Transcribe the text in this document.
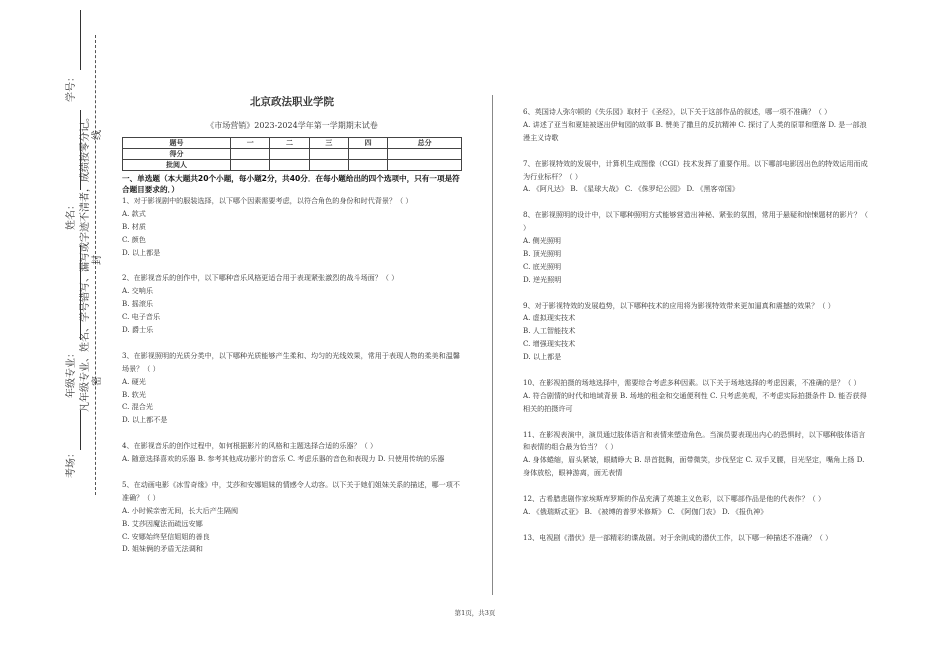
学号：
姓名：
年级专业：
考场：
凡年级专业、姓名、学号错写、漏写或字迹不清者，成绩按零分记。 密
封
线
北京政法职业学院
《市场营销》2023-2024学年第一学期期末试卷
题号	一	二	三	四	总分
得分					
批阅人					
一、单选题（本大题共20个小题，每小题2分，共40分．在每小题给出的四个选项中，只有一项是符合题目要求的．）
1、对于影视剧中的服装选择，以下哪个因素需要考虑，以符合角色的身份和时代背景？（ ）
A. 款式
B. 材质
C. 颜色
D. 以上都是
2、在影视音乐的创作中，以下哪种音乐风格更适合用于表现紧张激烈的战斗场面？（ ）
A. 交响乐
B. 摇滚乐
C. 电子音乐
D. 爵士乐
3、在影视照明的光质分类中，以下哪种光质能够产生柔和、均匀的光线效果，常用于表现人物的柔美和温馨场景？（ ）
A. 硬光
B. 软光
C. 混合光
D. 以上都不是
4、在影视音乐的创作过程中，如何根据影片的风格和主题选择合适的乐器？（ ）
A. 随意选择喜欢的乐器 B. 参考其他成功影片的音乐 C. 考虑乐器的音色和表现力 D. 只使用传统的乐器
5、在动画电影《冰雪奇缘》中，艾莎和安娜姐妹的情感令人动容。以下关于她们姐妹关系的描述，哪一项不准确？（ ）
A. 小时候亲密无间，长大后产生隔阂
B. 艾莎因魔法而疏远安娜
C. 安娜始终坚信姐姐的善良
D. 姐妹俩的矛盾无法调和
6、英国诗人弥尔顿的《失乐园》取材于《圣经》，以下关于这部作品的叙述，哪一项不准确？（ ）
A. 讲述了亚当和夏娃被逐出伊甸园的故事 B. 赞美了撒旦的反抗精神 C. 探讨了人类的原罪和堕落 D. 是一部浪漫主义诗歌
7、在影视特效的发展中，计算机生成图像（CGI）技术发挥了重要作用。以下哪部电影因出色的特效运用而成为行业标杆？（ ）
A. 《阿凡达》 B. 《星球大战》 C. 《侏罗纪公园》 D. 《黑客帝国》
8、在影视照明的设计中，以下哪种照明方式能够营造出神秘、紧张的氛围，常用于悬疑和惊悚题材的影片？（ ）
A. 侧光照明
B. 顶光照明
C. 底光照明
D. 逆光照明
9、对于影视特效的发展趋势，以下哪种技术的应用将为影视特效带来更加逼真和震撼的效果？（ ）
A. 虚拟现实技术
B. 人工智能技术
C. 增强现实技术
D. 以上都是
10、在影视拍摄的场地选择中，需要综合考虑多种因素。以下关于场地选择的考虑因素，不准确的是？（ ）
A. 符合剧情的时代和地域背景 B. 场地的租金和交通便利性 C. 只考虑美观，不考虑实际拍摄条件 D. 能否获得相关的拍摄许可
11、在影视表演中，演员通过肢体语言和表情来塑造角色。当演员要表现出内心的恐惧时，以下哪种肢体语言和表情的组合最为恰当？（ ）
A. 身体蜷缩，眉头紧皱，眼睛睁大 B. 昂首挺胸，面带微笑，步伐坚定 C. 双手叉腰，目光坚定，嘴角上扬 D. 身体放松，眼神游离，面无表情
12、古希腊悲剧作家埃斯库罗斯的作品充满了英雄主义色彩，以下哪部作品是他的代表作？（ ）
A. 《俄瑞斯忒亚》 B. 《被缚的普罗米修斯》 C. 《阿伽门农》 D. 《报仇神》
13、电视剧《潜伏》是一部精彩的谍战剧。对于余则成的潜伏工作，以下哪一种描述不准确？（ ）
第1页，共3页
